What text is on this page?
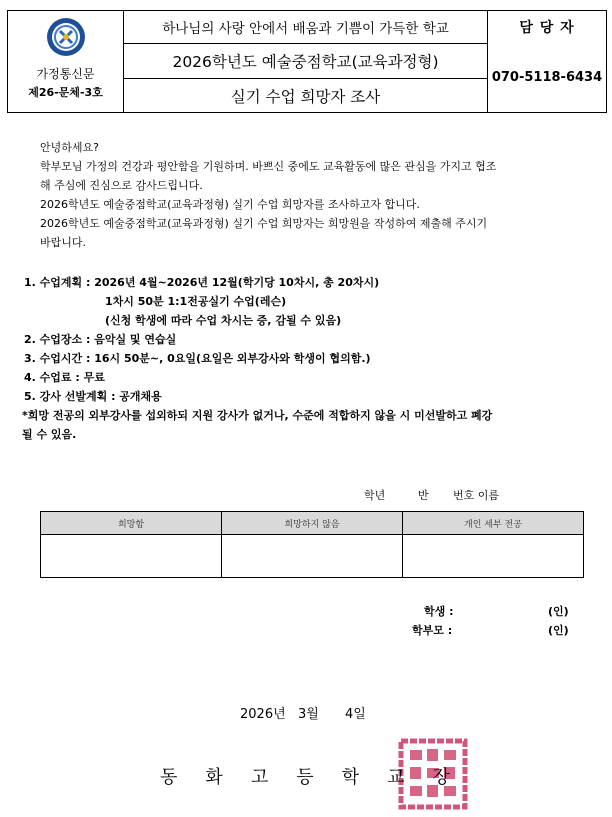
가정통신문
제26-문체-3호	하나님의 사랑 안에서 배움과 기쁨이 가득한 학교	담 당 자
	2026학년도 예술중점학교(교육과정형)	070-5118-6434
	실기 수업 희망자 조사	
안녕하세요?
학부모님 가정의 건강과 평안함을 기원하며. 바쁘신 중에도 교육활동에 많은 관심을 가지고 협조
해 주심에 진심으로 감사드립니다.
2026학년도 예술중점학교(교육과정형) 실기 수업 희망자를 조사하고자 합니다.
2026학년도 예술중점학교(교육과정형) 실기 수업 희망자는 희망원을 작성하여 제출해 주시기
바랍니다.
1. 수업계획 : 2026년 4월~2026년 12월(학기당 10차시, 총 20차시)
1차시 50분 1:1전공실기 수업(레슨)
(신청 학생에 따라 수업 차시는 증, 감될 수 있음)
2. 수업장소 : 음악실 및 연습실
3. 수업시간 : 16시 50분~, 0요일(요일은 외부강사와 학생이 협의함.)
4. 수업료 : 무료
5. 강사 선발계획 : 공개채용
*희망 전공의 외부강사를 섭외하되 지원 강사가 없거나, 수준에 적합하지 않을 시 미선발하고 폐강
될 수 있음.
학년	반 번호 이름
희망함	희망하지 않음	개인 세부 전공

학생 :	(인)
학부모 :	(인)
2026년 3월 4일
동 화 고 등 학 교 장
